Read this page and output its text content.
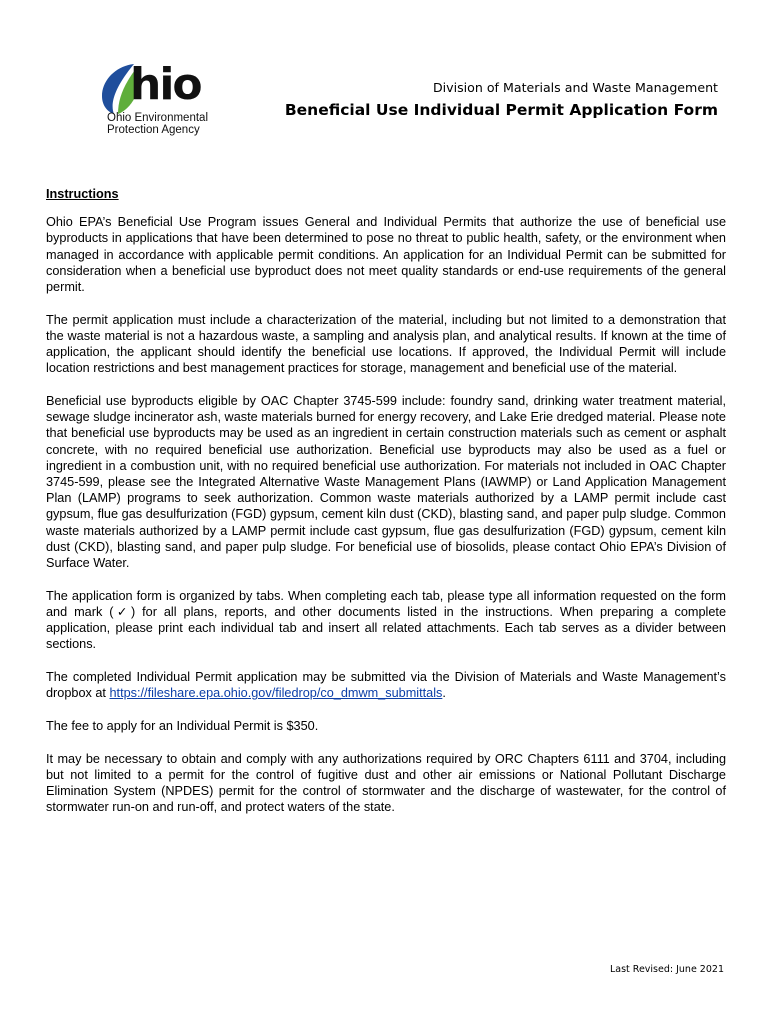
hio
Ohio Environmental
Protection Agency
Division of Materials and Waste Management
Beneficial Use Individual Permit Application Form
Instructions

Ohio EPA’s Beneficial Use Program issues General and Individual Permits that authorize the use of beneficial use byproducts in applications that have been determined to pose no threat to public health, safety, or the environment when managed in accordance with applicable permit conditions. An application for an Individual Permit can be submitted for consideration when a beneficial use byproduct does not meet quality standards or end-use requirements of the general permit.

The permit application must include a characterization of the material, including but not limited to a demonstration that the waste material is not a hazardous waste, a sampling and analysis plan, and analytical results. If known at the time of application, the applicant should identify the beneficial use locations. If approved, the Individual Permit will include location restrictions and best management practices for storage, management and beneficial use of the material.

Beneficial use byproducts eligible by OAC Chapter 3745-599 include: foundry sand, drinking water treatment material, sewage sludge incinerator ash, waste materials burned for energy recovery, and Lake Erie dredged material. Please note that beneficial use byproducts may be used as an ingredient in certain construction materials such as cement or asphalt concrete, with no required beneficial use authorization. Beneficial use byproducts may also be used as a fuel or ingredient in a combustion unit, with no required beneficial use authorization. For materials not included in OAC Chapter 3745-599, please see the Integrated Alternative Waste Management Plans (IAWMP) or Land Application Management Plan (LAMP) programs to seek authorization. Common waste materials authorized by a LAMP permit include cast gypsum, flue gas desulfurization (FGD) gypsum, cement kiln dust (CKD), blasting sand, and paper pulp sludge. Common waste materials authorized by a LAMP permit include cast gypsum, flue gas desulfurization (FGD) gypsum, cement kiln dust (CKD), blasting sand, and paper pulp sludge. For beneficial use of biosolids, please contact Ohio EPA’s Division of Surface Water.

The application form is organized by tabs. When completing each tab, please type all information requested on the form and mark (✓) for all plans, reports, and other documents listed in the instructions. When preparing a complete application, please print each individual tab and insert all related attachments. Each tab serves as a divider between sections.

The completed Individual Permit application may be submitted via the Division of Materials and Waste Management’s dropbox at https://fileshare.epa.ohio.gov/filedrop/co_dmwm_submittals.

The fee to apply for an Individual Permit is $350.

It may be necessary to obtain and comply with any authorizations required by ORC Chapters 6111 and 3704, including but not limited to a permit for the control of fugitive dust and other air emissions or National Pollutant Discharge Elimination System (NPDES) permit for the control of stormwater and the discharge of wastewater, for the control of stormwater run-on and run-off, and protect waters of the state.

Last Revised: June 2021
